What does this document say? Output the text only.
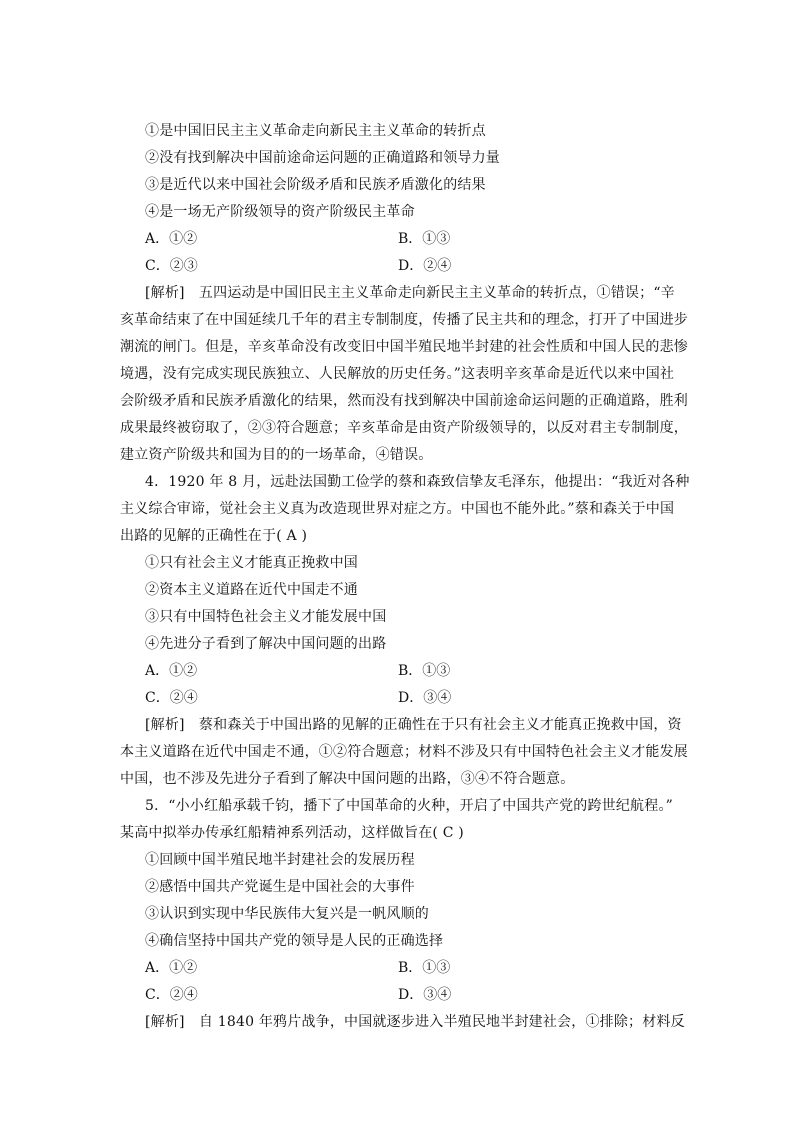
①是中国旧民主主义革命走向新民主主义革命的转折点
②没有找到解决中国前途命运问题的正确道路和领导力量
③是近代以来中国社会阶级矛盾和民族矛盾激化的结果
④是一场无产阶级领导的资产阶级民主革命
A．①②	B．①③
C．②③	D．②④
[解析]　五四运动是中国旧民主主义革命走向新民主主义革命的转折点，①错误；“辛
亥革命结束了在中国延续几千年的君主专制制度，传播了民主共和的理念，打开了中国进步
潮流的闸门。但是，辛亥革命没有改变旧中国半殖民地半封建的社会性质和中国人民的悲惨
境遇，没有完成实现民族独立、人民解放的历史任务。”这表明辛亥革命是近代以来中国社
会阶级矛盾和民族矛盾激化的结果，然而没有找到解决中国前途命运问题的正确道路，胜利
成果最终被窃取了，②③符合题意；辛亥革命是由资产阶级领导的，以反对君主专制制度，
建立资产阶级共和国为目的的一场革命，④错误。
4．1920 年 8 月，远赴法国勤工俭学的蔡和森致信挚友毛泽东，他提出：“我近对各种
主义综合审谛，觉社会主义真为改造现世界对症之方。中国也不能外此。”蔡和森关于中国
出路的见解的正确性在于( A )
①只有社会主义才能真正挽救中国
②资本主义道路在近代中国走不通
③只有中国特色社会主义才能发展中国
④先进分子看到了解决中国问题的出路
A．①②	B．①③
C．②④	D．③④
[解析]　蔡和森关于中国出路的见解的正确性在于只有社会主义才能真正挽救中国，资
本主义道路在近代中国走不通，①②符合题意；材料不涉及只有中国特色社会主义才能发展
中国，也不涉及先进分子看到了解决中国问题的出路，③④不符合题意。
5．“小小红船承载千钧，播下了中国革命的火种，开启了中国共产党的跨世纪航程。”
某高中拟举办传承红船精神系列活动，这样做旨在( C )
①回顾中国半殖民地半封建社会的发展历程
②感悟中国共产党诞生是中国社会的大事件
③认识到实现中华民族伟大复兴是一帆风顺的
④确信坚持中国共产党的领导是人民的正确选择
A．①②	B．①③
C．②④	D．③④
[解析]　自 1840 年鸦片战争，中国就逐步进入半殖民地半封建社会，①排除；材料反
